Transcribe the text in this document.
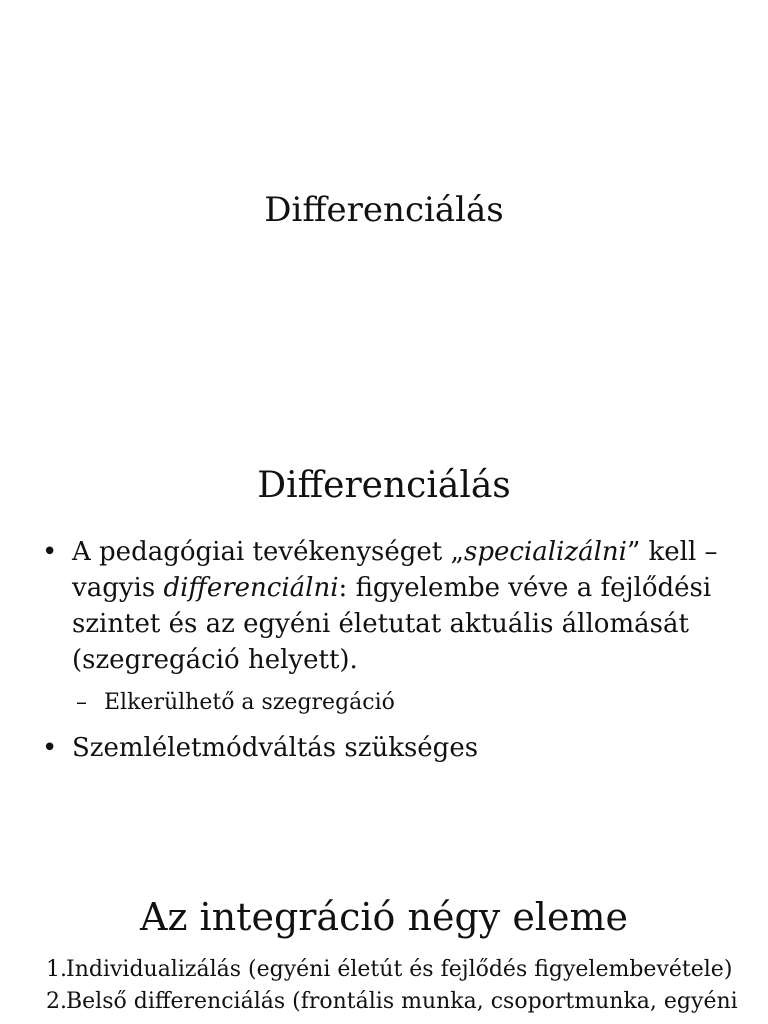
Differenciálás
Differenciálás
• A pedagógiai tevékenységet „specializálni” kell – vagyis differenciálni: figyelembe véve a fejlődési szintet és az egyéni életutat aktuális állomását (szegregáció helyett).
– Elkerülhető a szegregáció
• Szemléletmódváltás szükséges
Az integráció négy eleme
1. Individualizálás (egyéni életút és fejlődés figyelembevétele)
2. Belső differenciálás (frontális munka, csoportmunka, egyéni
